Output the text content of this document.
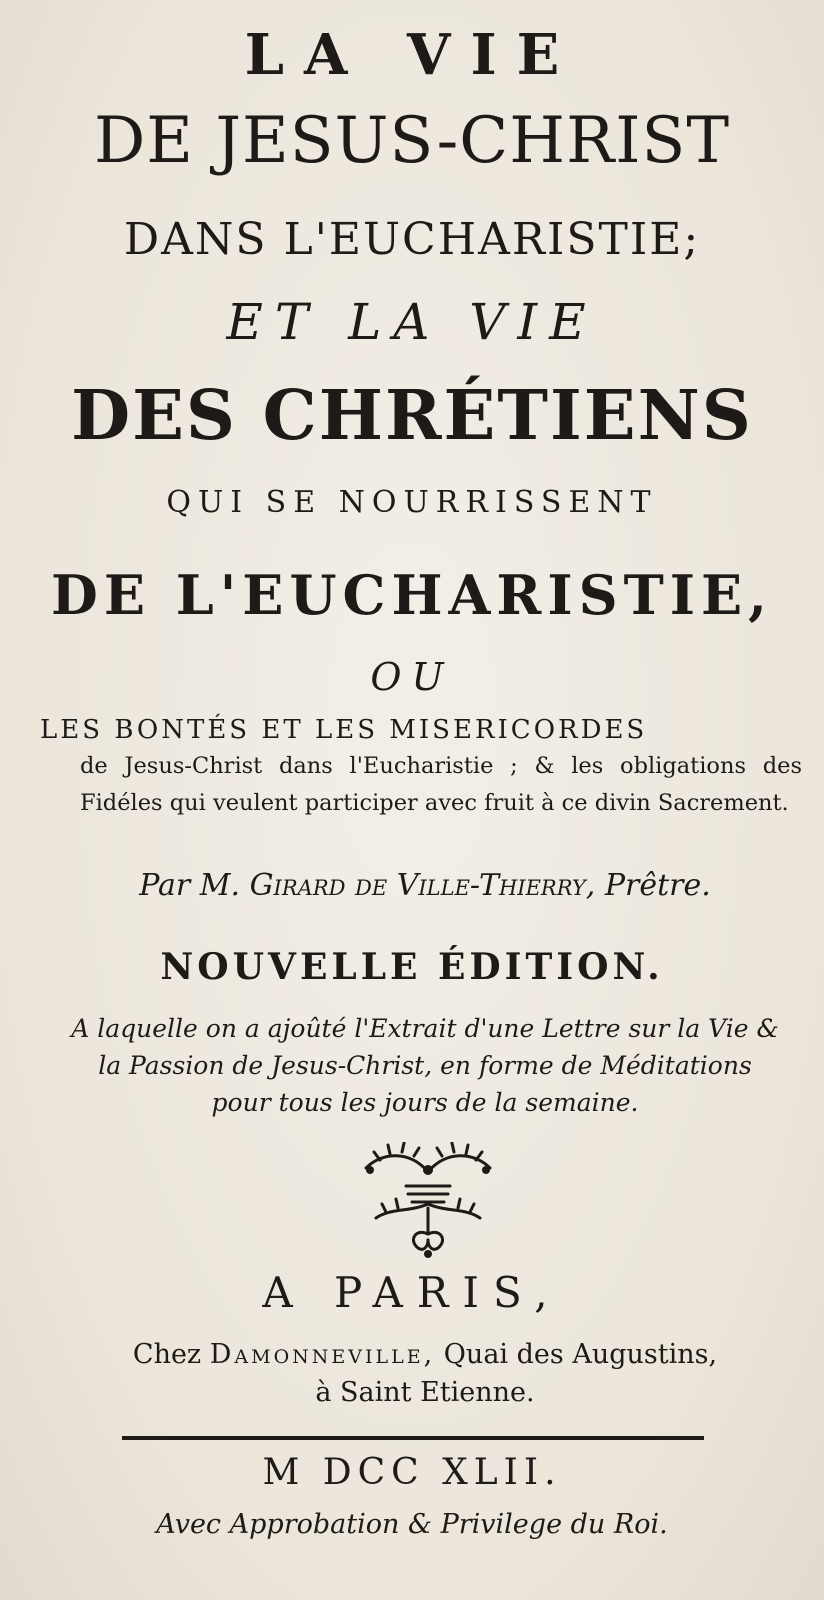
LA VIE
DE JESUS-CHRIST
DANS L'EUCHARISTIE;
ET LA VIE
DES CHRÉTIENS
QUI SE NOURRISSENT
DE L'EUCHARISTIE,
OU
LES BONTÉS ET LES MISERICORDES
de Jesus-Christ dans l'Eucharistie ; & les obligations des Fidéles qui veulent participer avec fruit à ce divin Sacrement.
Par M. Girard de Ville-Thierry, Prêtre.
NOUVELLE ÉDITION.
A laquelle on a ajoûté l'Extrait d'une Lettre sur la Vie &
la Passion de Jesus-Christ, en forme de Méditations
pour tous les jours de la semaine.
A PARIS,
Chez Damonneville, Quai des Augustins,
à Saint Etienne.
M DCC XLII.
Avec Approbation & Privilege du Roi.
